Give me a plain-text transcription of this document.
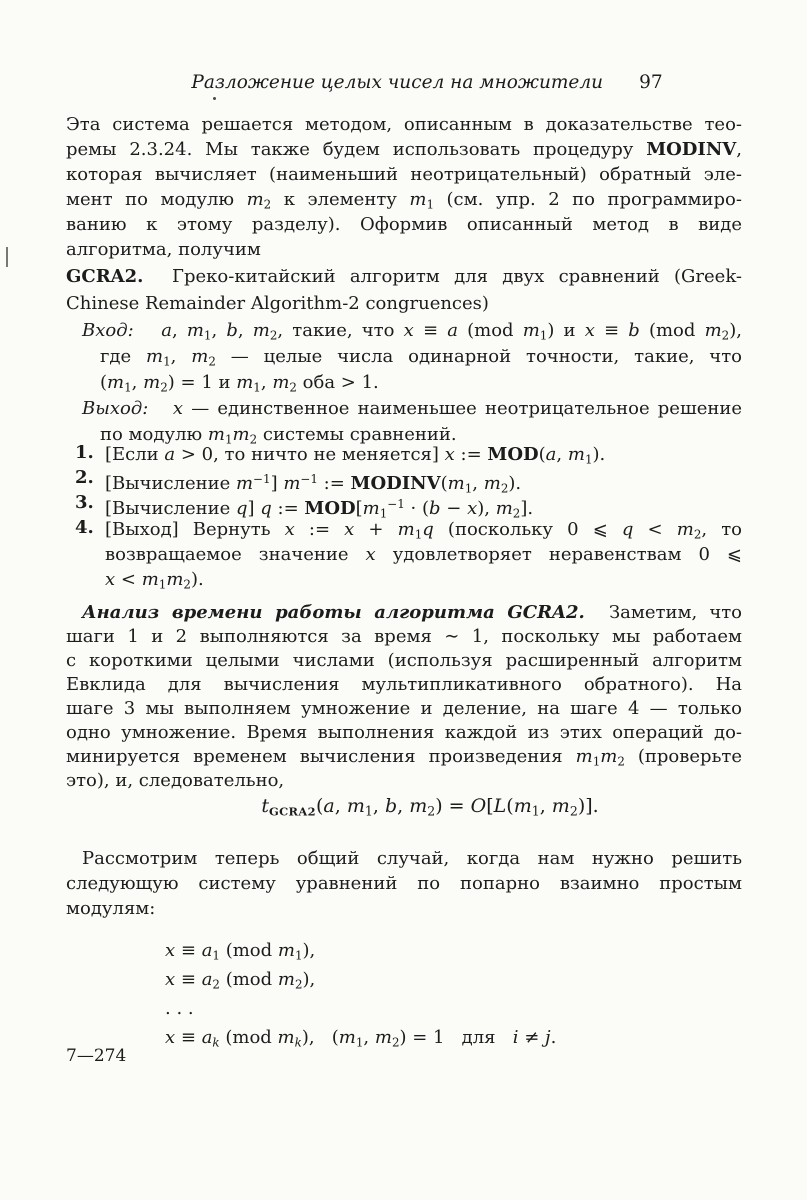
Разложение целых чисел на множители 97
Эта система решается методом, описанным в доказательстве тео-
ремы 2.3.24. Мы также будем использовать процедуру MODINV,
которая вычисляет (наименьший неотрицательный) обратный эле-
мент по модулю $m_2$ к элементу $m_1$ (см. упр. 2 по программиро-
ванию к этому разделу). Оформив описанный метод в виде
алгоритма, получим
GCRA2.  Греко-китайский алгоритм для двух сравнений (Greek-
Chinese Remainder Algorithm-2 congruences)
Вход: a, $m_1$, b, $m_2$, такие, что x ≡ a (mod $m_1$) и x ≡ b (mod $m_2$),
где $m_1$, $m_2$ — целые числа одинарной точности, такие, что
($m_1$, $m_2) = 1$ и $m_1$, $m_2$ оба > 1.
Выход: x — единственное наименьшее неотрицательное решение
по модулю $m_1m_2$ системы сравнений.
1. [Если a > 0, то ничто не меняется] x := MOD(a, $m_1$).
2. [Вычисление $m^{-1}$] $m^{-1}$ := $MODINV(m_1$, $m_2$).
3. [Вычисление q] q := $MOD[m_1^{-1} \cdot (b - x)$, $m_2$].
4. [Выход] Вернуть x := $x + m_1q$ (поскольку 0 ⩽ $q < m_2$, то
возвращаемое значение x удовлетворяет неравенствам 0 ⩽
$x < m_1m_2$).
Анализ времени работы алгоритма GCRA2.  Заметим, что
шаги 1 и 2 выполняются за время ∼ 1, поскольку мы работаем
с короткими целыми числами (используя расширенный алгоритм
Евклида для вычисления мультипликативного обратного). На
шаге 3 мы выполняем умножение и деление, на шаге 4 — только
одно умножение. Время выполнения каждой из этих операций до-
минируется временем вычисления произведения $m_1m_2$ (проверьте
это), и, следовательно,
tGCRA2(a, $m_1$, b, $m_2) = O[L(m_1$, $m_2$)].
Рассмотрим теперь общий случай, когда нам нужно решить
следующую систему уравнений по попарно взаимно простым
модулям:
$x \equiv a_1$ (mod $m_1$),
$x \equiv a_2$ (mod $m_2$),
. . .
x ≡ ak (mod mk), ($m_1$, $m_2) = 1$   для   i ≠ j.
7—274
